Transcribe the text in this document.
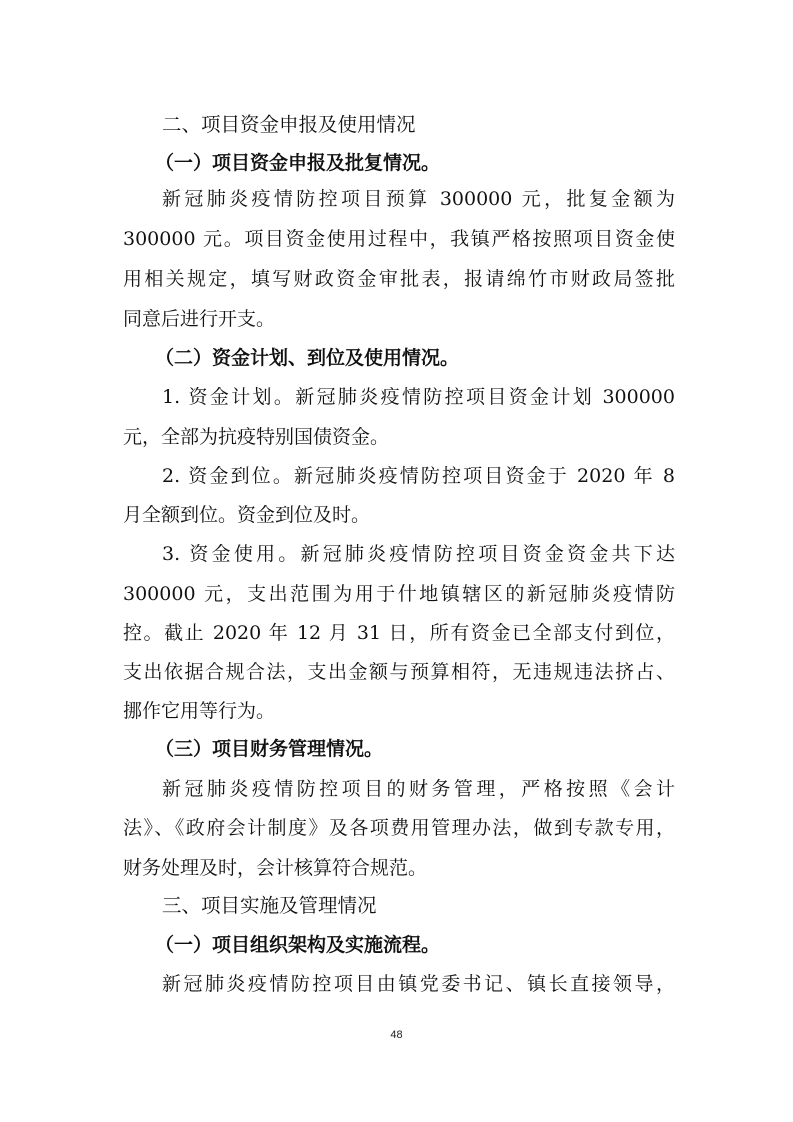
二、项目资金申报及使用情况
（一）项目资金申报及批复情况。
新冠肺炎疫情防控项目预算 300000 元，批复金额为
300000 元。项目资金使用过程中，我镇严格按照项目资金使
用相关规定，填写财政资金审批表，报请绵竹市财政局签批
同意后进行开支。
（二）资金计划、到位及使用情况。
1. 资金计划。新冠肺炎疫情防控项目资金计划 300000
元，全部为抗疫特别国债资金。
2. 资金到位。新冠肺炎疫情防控项目资金于 2020 年 8
月全额到位。资金到位及时。
3. 资金使用。新冠肺炎疫情防控项目资金资金共下达
300000 元，支出范围为用于什地镇辖区的新冠肺炎疫情防
控。截止 2020 年 12 月 31 日，所有资金已全部支付到位，
支出依据合规合法，支出金额与预算相符，无违规违法挤占、
挪作它用等行为。
（三）项目财务管理情况。
新冠肺炎疫情防控项目的财务管理，严格按照《会计
法》、《政府会计制度》及各项费用管理办法，做到专款专用，
财务处理及时，会计核算符合规范。
三、项目实施及管理情况
（一）项目组织架构及实施流程。
新冠肺炎疫情防控项目由镇党委书记、镇长直接领导，
48
